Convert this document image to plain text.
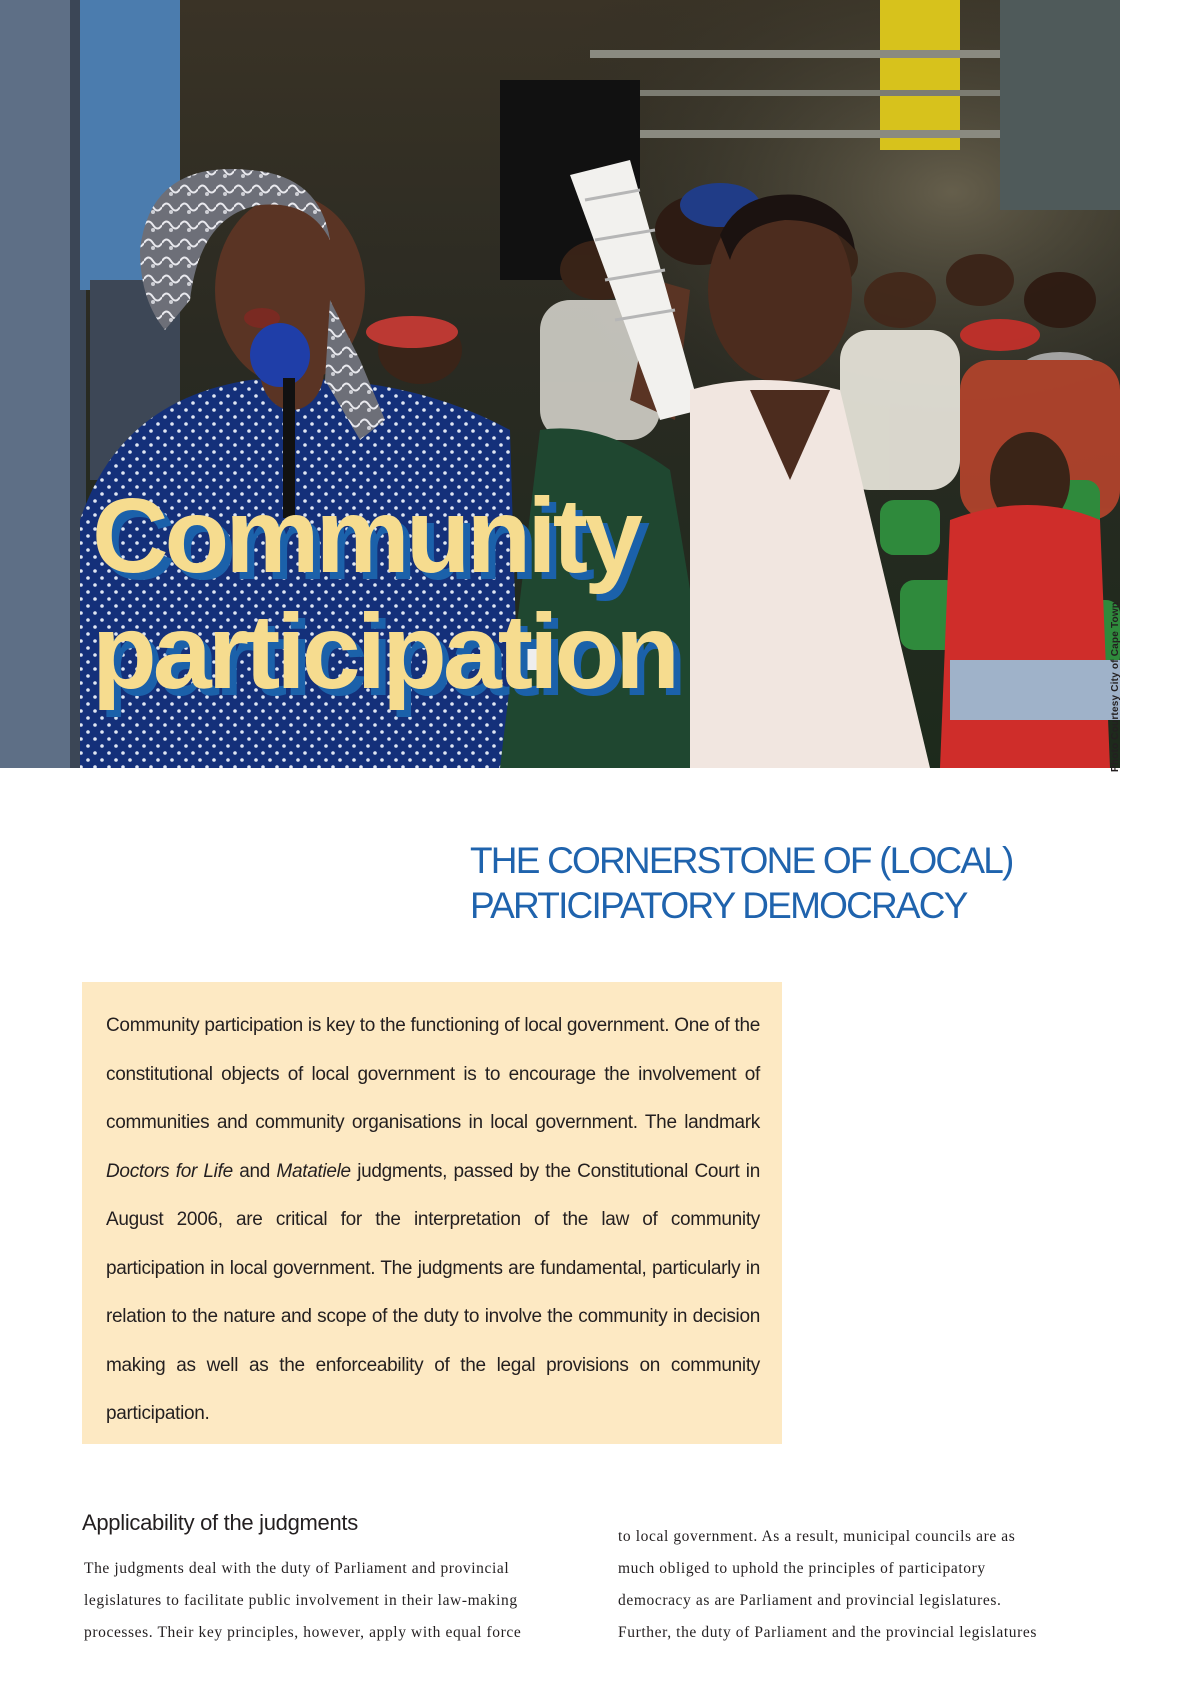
Photo Courtesy City of Cape Town
Community
participation
THE CORNERSTONE OF (LOCAL)
PARTICIPATORY DEMOCRACY

Community participation is key to the functioning of local government. One of the constitutional objects of local government is to encourage the involvement of communities and community organisations in local government. The landmark Doctors for Life and Matatiele judgments, passed by the Constitutional Court in August 2006, are critical for the interpretation of the law of community participation in local government. The judgments are fundamental, particularly in relation to the nature and scope of the duty to involve the community in decision making as well as the enforceability of the legal provisions on community participation.

Applicability of the judgments

The judgments deal with the duty of Parliament and provincial
legislatures to facilitate public involvement in their law-making
processes. Their key principles, however, apply with equal force

to local government. As a result, municipal councils are as
much obliged to uphold the principles of participatory
democracy as are Parliament and provincial legislatures.
Further, the duty of Parliament and the provincial legislatures
